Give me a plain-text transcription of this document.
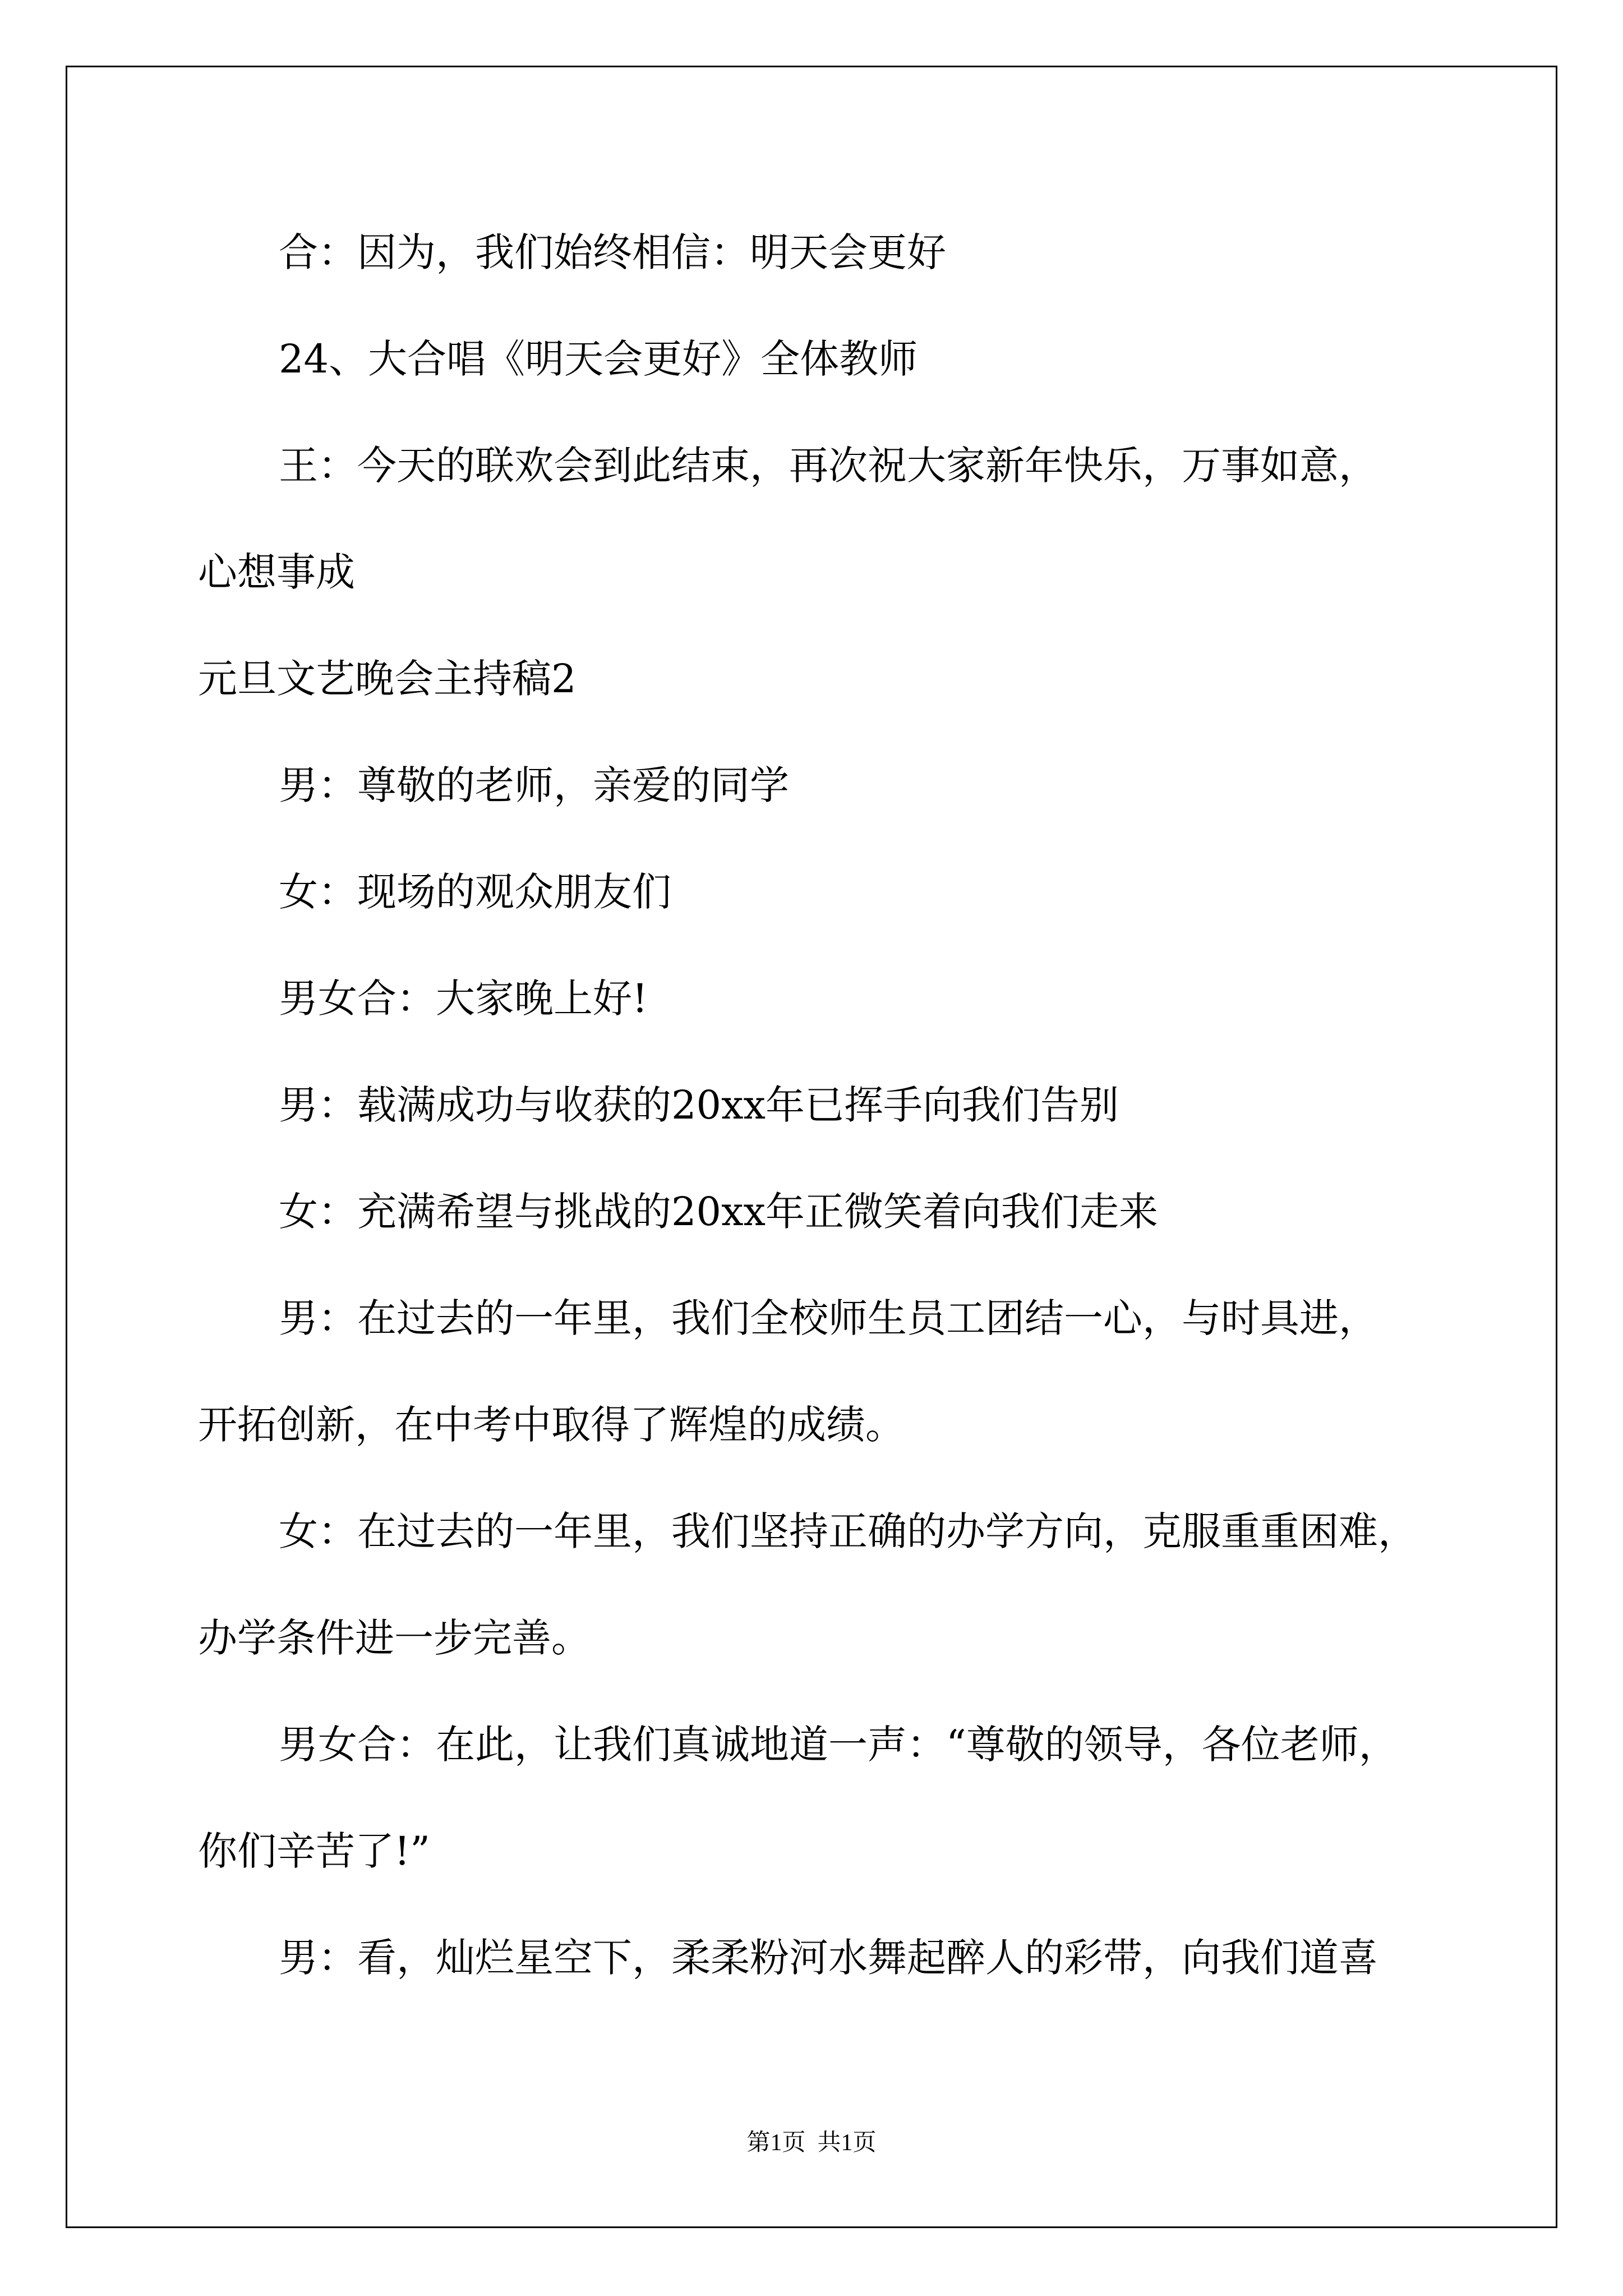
合：因为，我们始终相信：明天会更好
24、大合唱《明天会更好》全体教师
王：今天的联欢会到此结束，再次祝大家新年快乐，万事如意，
心想事成
元旦文艺晚会主持稿2
男：尊敬的老师，亲爱的同学
女：现场的观众朋友们
男女合：大家晚上好!
男：载满成功与收获的20xx年已挥手向我们告别
女：充满希望与挑战的20xx年正微笑着向我们走来
男：在过去的一年里，我们全校师生员工团结一心，与时具进，
开拓创新，在中考中取得了辉煌的成绩。
女：在过去的一年里，我们坚持正确的办学方向，克服重重困难，
办学条件进一步完善。
男女合：在此，让我们真诚地道一声：“尊敬的领导，各位老师，
你们辛苦了!”
男：看，灿烂星空下，柔柔粉河水舞起醉人的彩带，向我们道喜
第1页  共1页
